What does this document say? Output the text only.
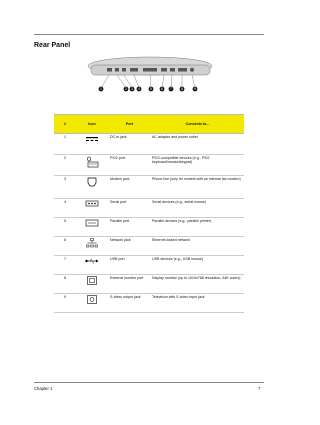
Rear Panel
1	2 3 4	5	6 7	8	9
#	Icon	Port	Connects to...
1		DC-in jack	AC adapter and power outlet
2		PS/2 port	PS/2-compatible devices (e.g., PS/2 keyboard/mouse/keypad)
3		Modem jack	Phone line (only for models with an internal fax modem)
4		Serial port	Serial devices (e.g., serial mouse)
5		Parallel port	Parallel devices (e.g., parallel printer)
6		Network jack	Ethernet-based network
7		USB port	USB devices (e.g., USB mouse)
8		External monitor port	Display monitor (up to 1024x768 resolution, 64K colors)
9		S-video output jack	Television with S-video input jack
Chapter 1	7
